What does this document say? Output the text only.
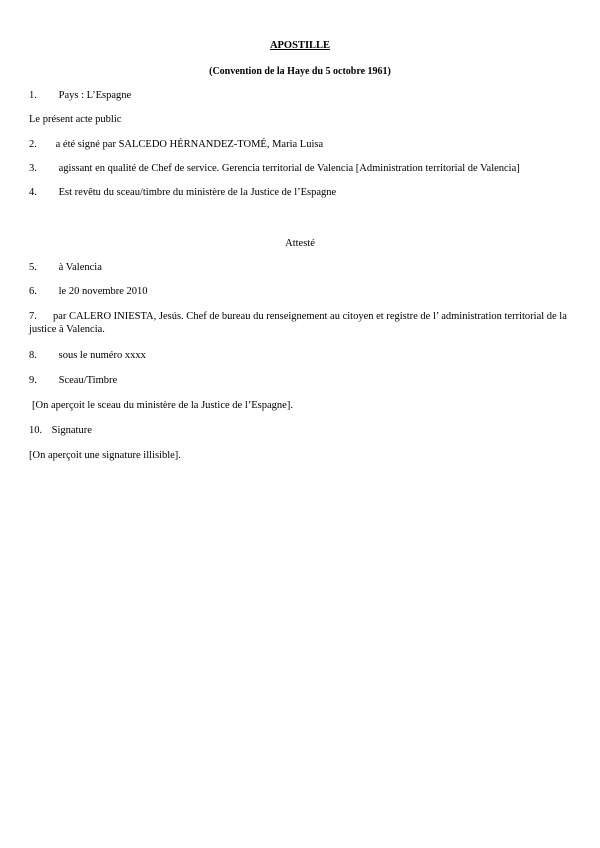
APOSTILLE
(Convention de la Haye du 5 octobre 1961)
1. Pays : L’Espagne
Le présent acte public
2. a été signé par SALCEDO HÉRNANDEZ-TOMÉ, Maria Luisa
3. agissant en qualité de Chef de service. Gerencia territorial de Valencia [Administration territorial de Valencia]
4. Est revêtu du sceau/timbre du ministère de la Justice de l’Espagne
Attesté
5. à Valencia
6. le 20 novembre 2010
7. par CALERO INIESTA, Jesús. Chef de bureau du renseignement au citoyen et registre de l’ administration territorial de la justice à Valencia.
8. sous le numéro xxxx
9. Sceau/Timbre
[On aperçoit le sceau du ministère de la Justice de l’Espagne].
10. Signature
[On aperçoit une signature illisible].
